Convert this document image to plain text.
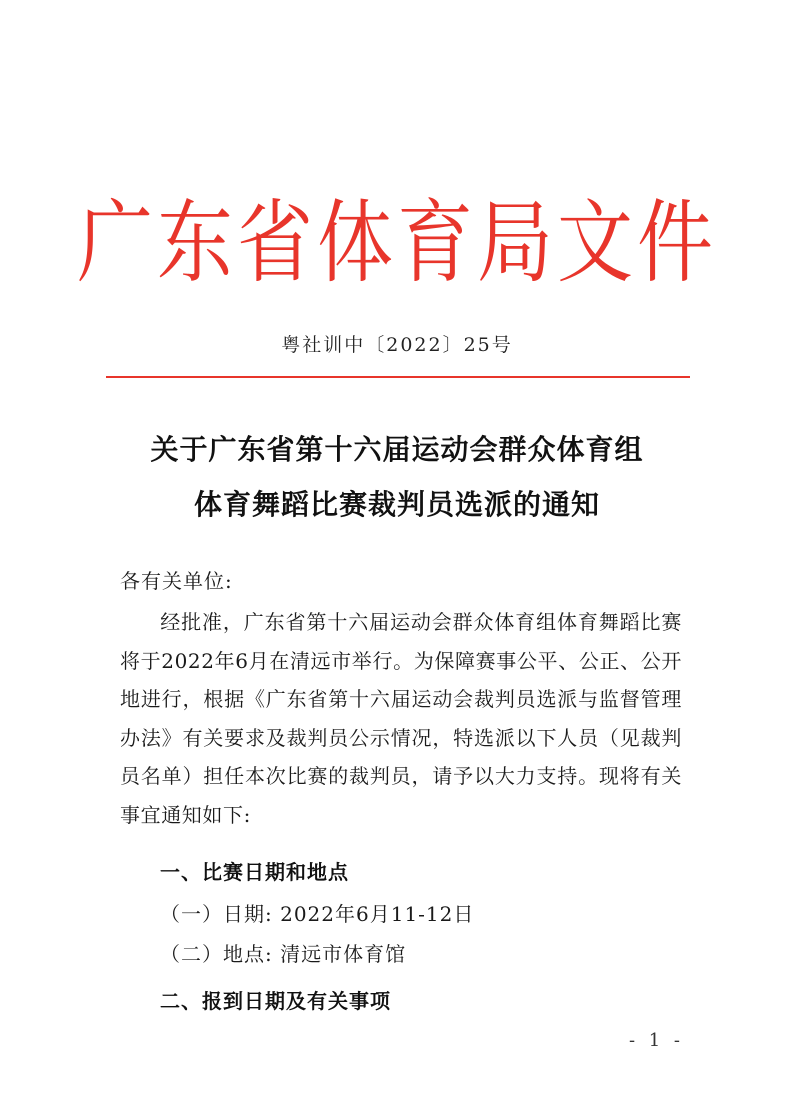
广东省体育局文件
粤社训中〔2022〕25号
关于广东省第十六届运动会群众体育组
体育舞蹈比赛裁判员选派的通知
各有关单位:

经批准，广东省第十六届运动会群众体育组体育舞蹈比赛将于2022年6月在清远市举行。为保障赛事公平、公正、公开地进行，根据《广东省第十六届运动会裁判员选派与监督管理办法》有关要求及裁判员公示情况，特选派以下人员（见裁判员名单）担任本次比赛的裁判员，请予以大力支持。现将有关事宜通知如下:

一、比赛日期和地点
（一）日期: 2022年6月11-12日
（二）地点: 清远市体育馆
二、报到日期及有关事项
- 1 -
